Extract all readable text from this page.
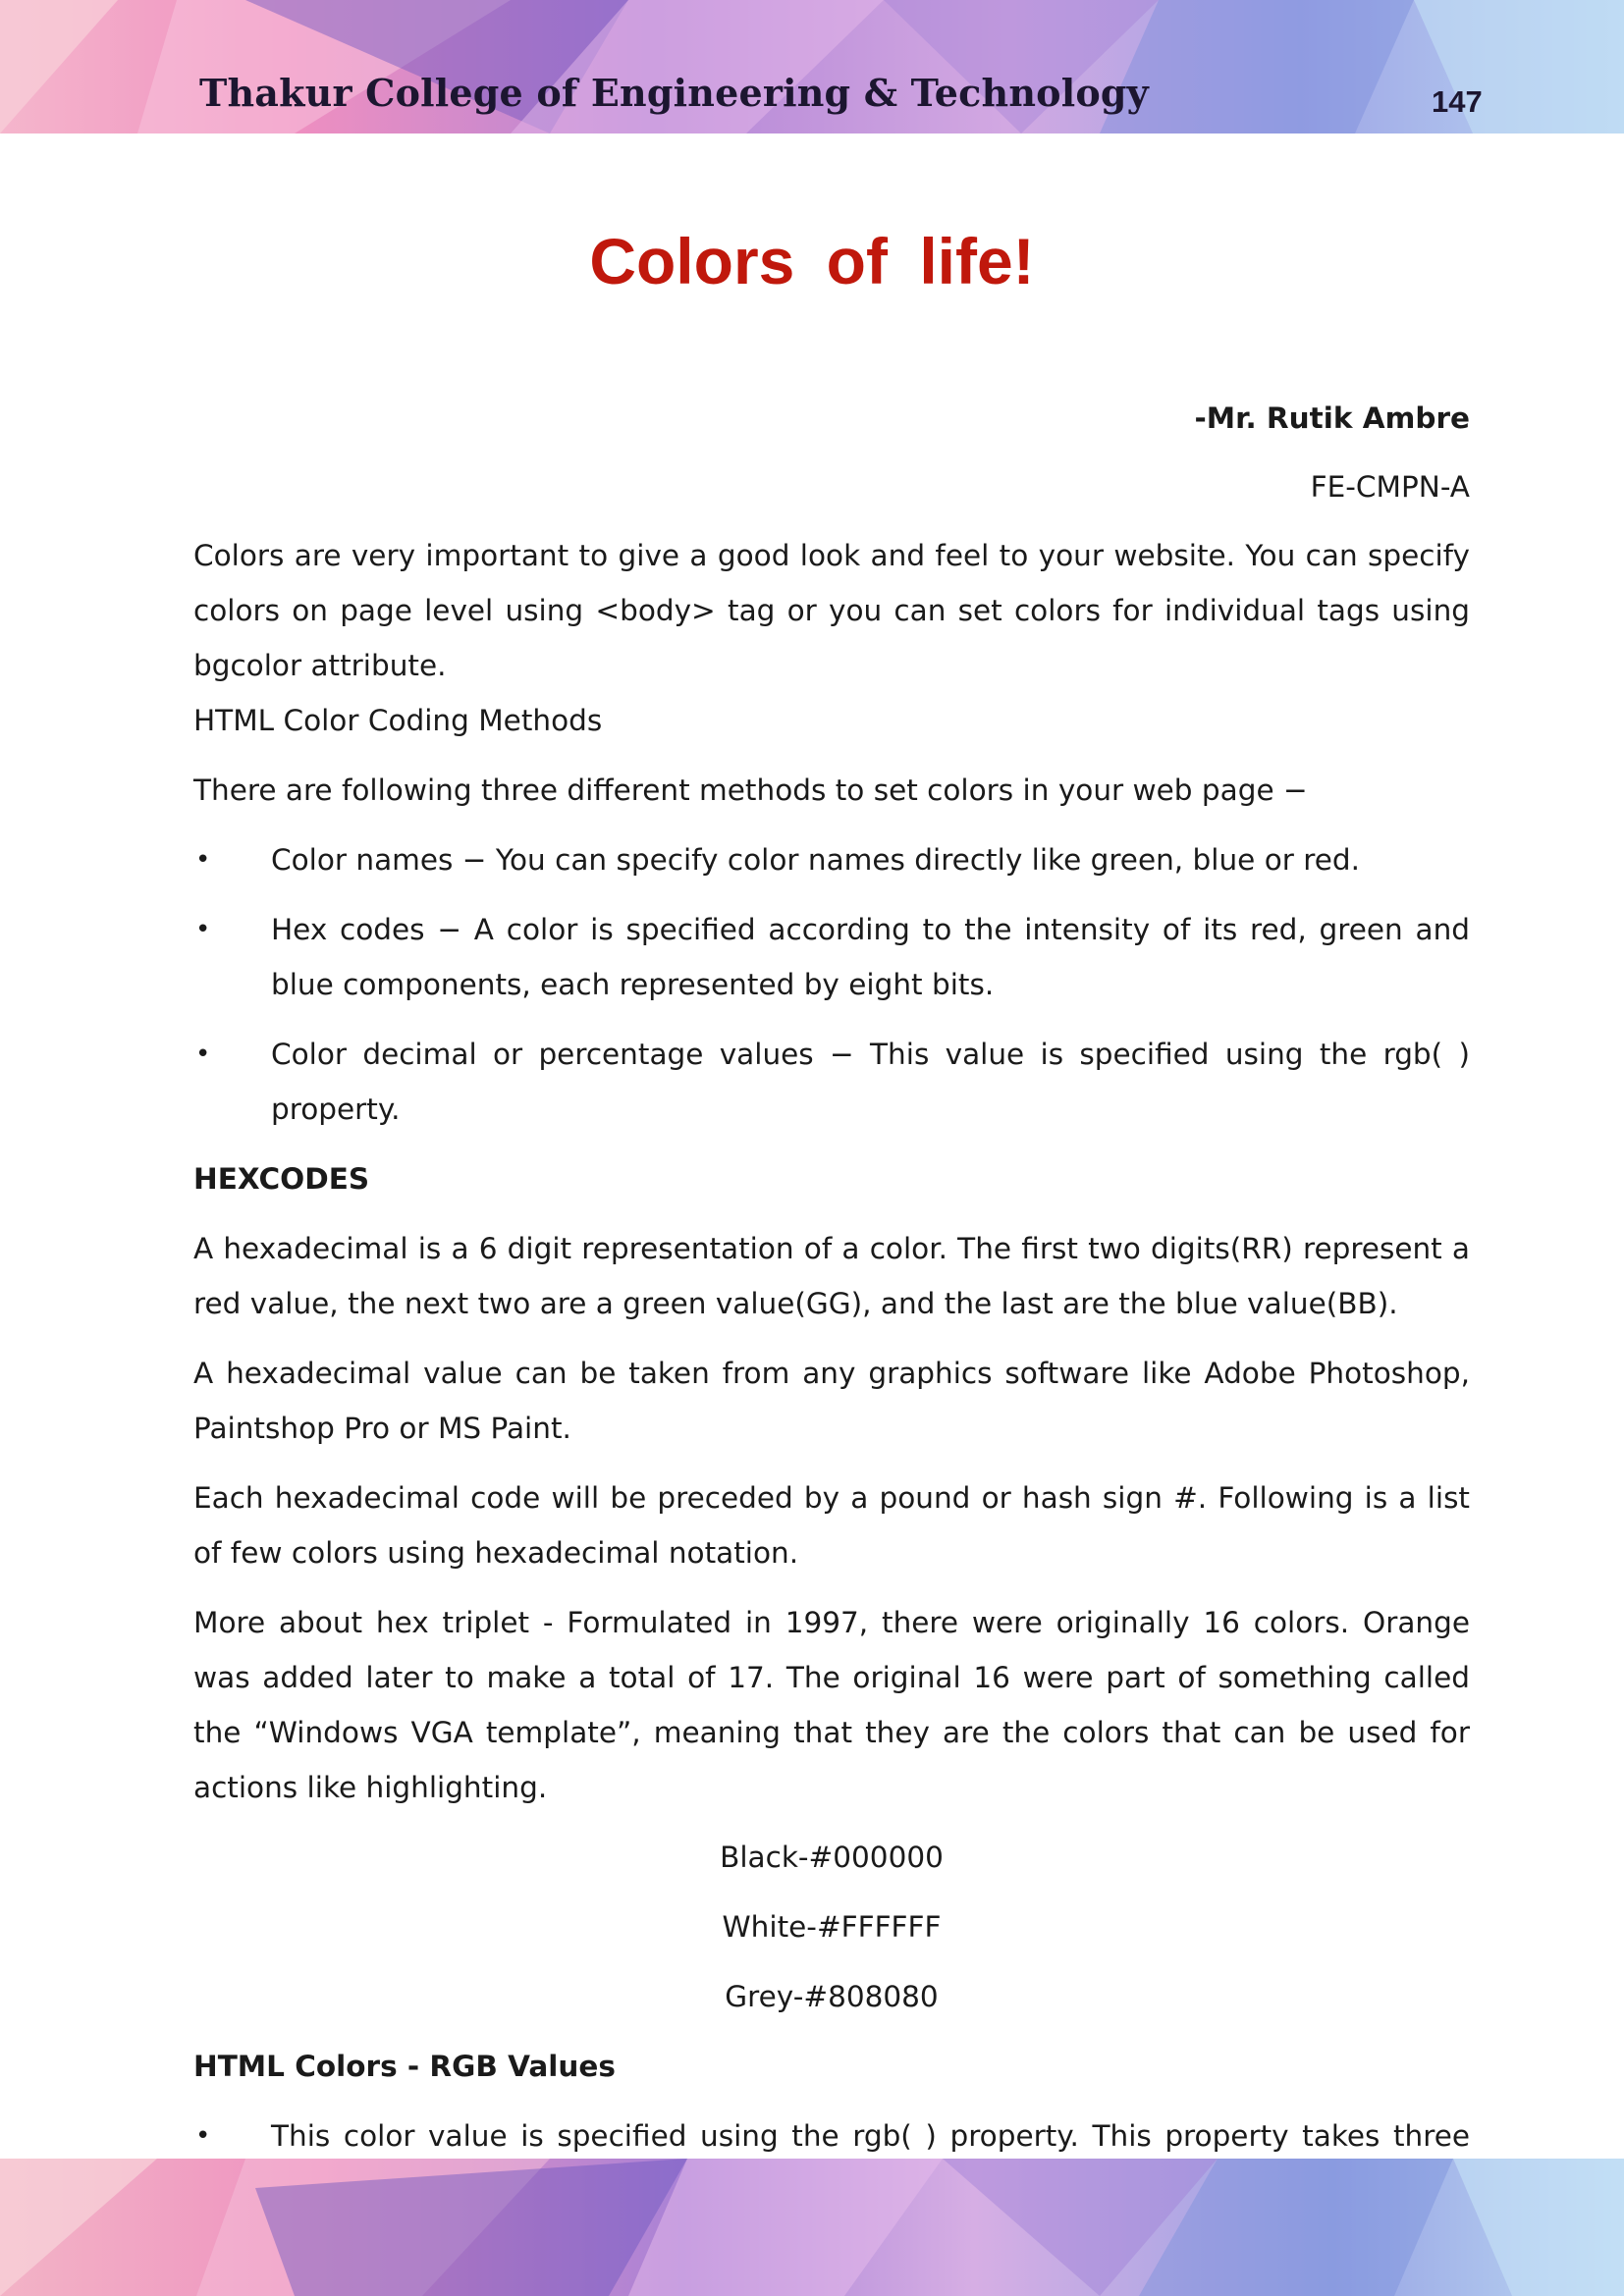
Thakur College of Engineering & Technology	147
Colors of life!
-Mr. Rutik Ambre
FE-CMPN-A

Colors are very important to give a good look and feel to your website. You can specify colors on page level using <body> tag or you can set colors for individual tags using bgcolor attribute.
HTML Color Coding Methods

There are following three different methods to set colors in your web page −

• Color names − You can specify color names directly like green, blue or red.
• Hex codes − A color is specified according to the intensity of its red, green and blue components, each represented by eight bits.
• Color decimal or percentage values − This value is specified using the rgb( ) property.
HEXCODES

A hexadecimal is a 6 digit representation of a color. The first two digits(RR) represent a red value, the next two are a green value(GG), and the last are the blue value(BB).

A hexadecimal value can be taken from any graphics software like Adobe Photoshop, Paintshop Pro or MS Paint.

Each hexadecimal code will be preceded by a pound or hash sign #. Following is a list of few colors using hexadecimal notation.

More about hex triplet - Formulated in 1997, there were originally 16 colors. Orange was added later to make a total of 17. The original 16 were part of something called the “Windows VGA template”, meaning that they are the colors that can be used for actions like highlighting.

Black-#000000
White-#FFFFFF
Grey-#808080
HTML Colors - RGB Values
• This color value is specified using the rgb( ) property. This property takes three
